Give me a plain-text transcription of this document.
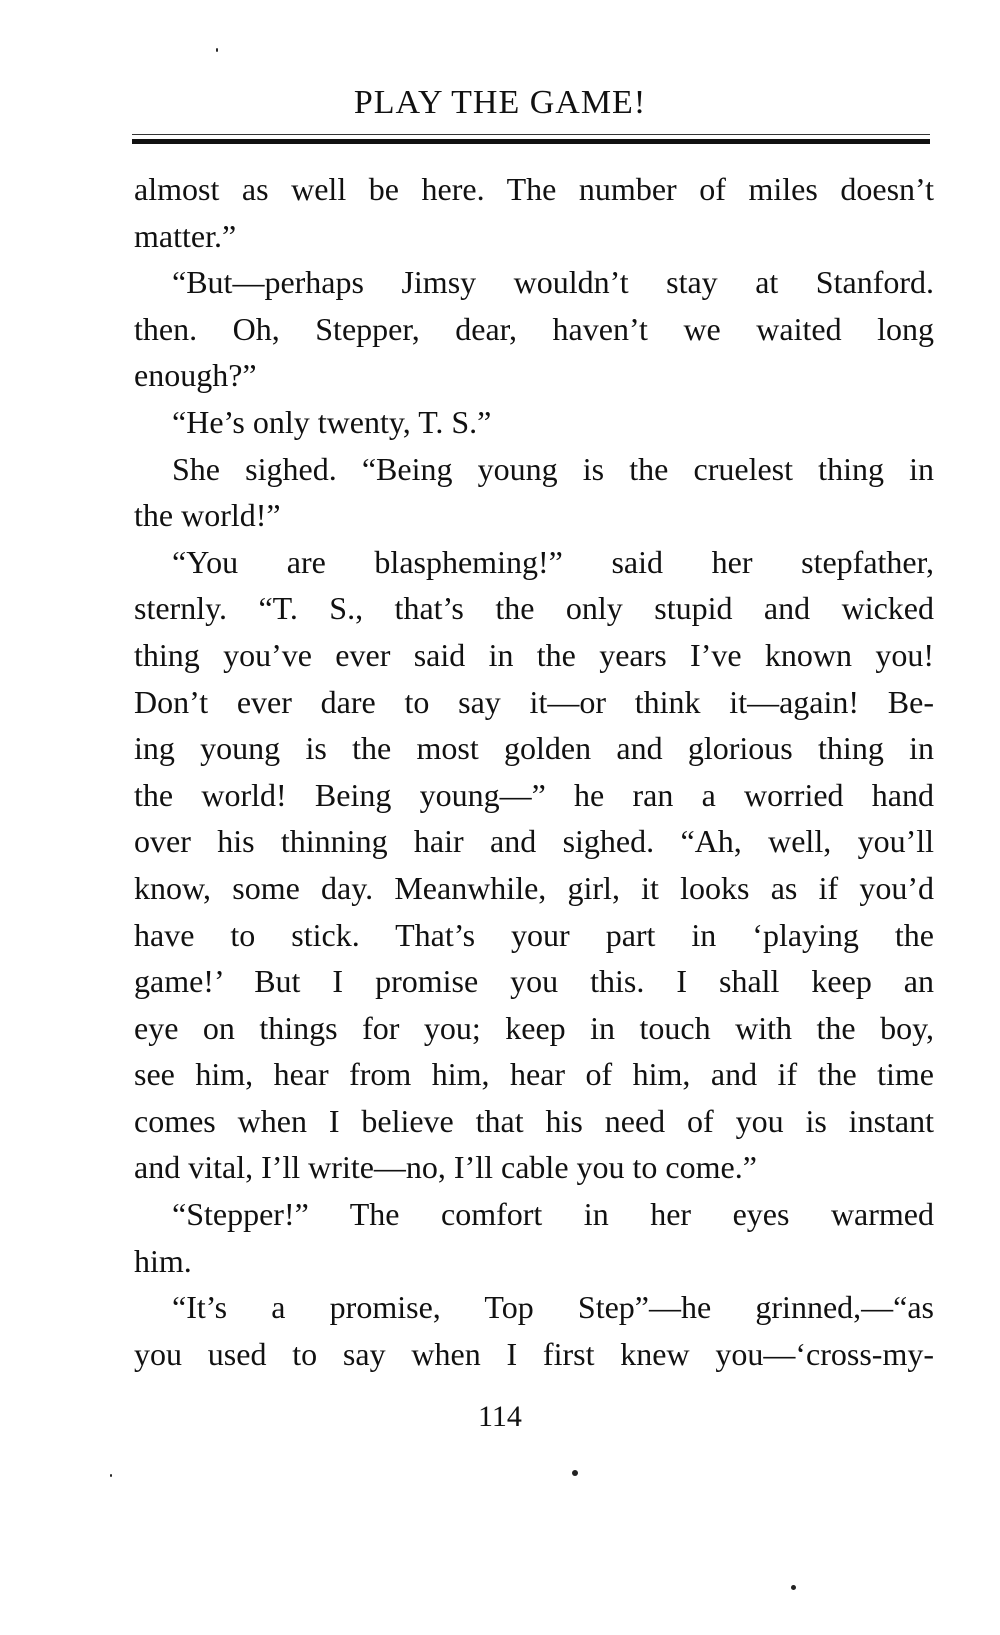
PLAY THE GAME!
almost as well be here. The number of miles doesn’t
matter.”
“But—perhaps Jimsy wouldn’t stay at Stanford.
then. Oh, Stepper, dear, haven’t we waited long
enough?”
“He’s only twenty, T. S.”
She sighed. “Being young is the cruelest thing in
the world!”
“You are blaspheming!” said her stepfather,
sternly. “T. S., that’s the only stupid and wicked
thing you’ve ever said in the years I’ve known you!
Don’t ever dare to say it—or think it—again! Be-
ing young is the most golden and glorious thing in
the world! Being young—” he ran a worried hand
over his thinning hair and sighed. “Ah, well, you’ll
know, some day. Meanwhile, girl, it looks as if you’d
have to stick. That’s your part in ‘playing the
game!’ But I promise you this. I shall keep an
eye on things for you; keep in touch with the boy,
see him, hear from him, hear of him, and if the time
comes when I believe that his need of you is instant
and vital, I’ll write—no, I’ll cable you to come.”
“Stepper!” The comfort in her eyes warmed
him.
“It’s a promise, Top Step”—he grinned,—“as
you used to say when I first knew you—‘cross-my-
114
